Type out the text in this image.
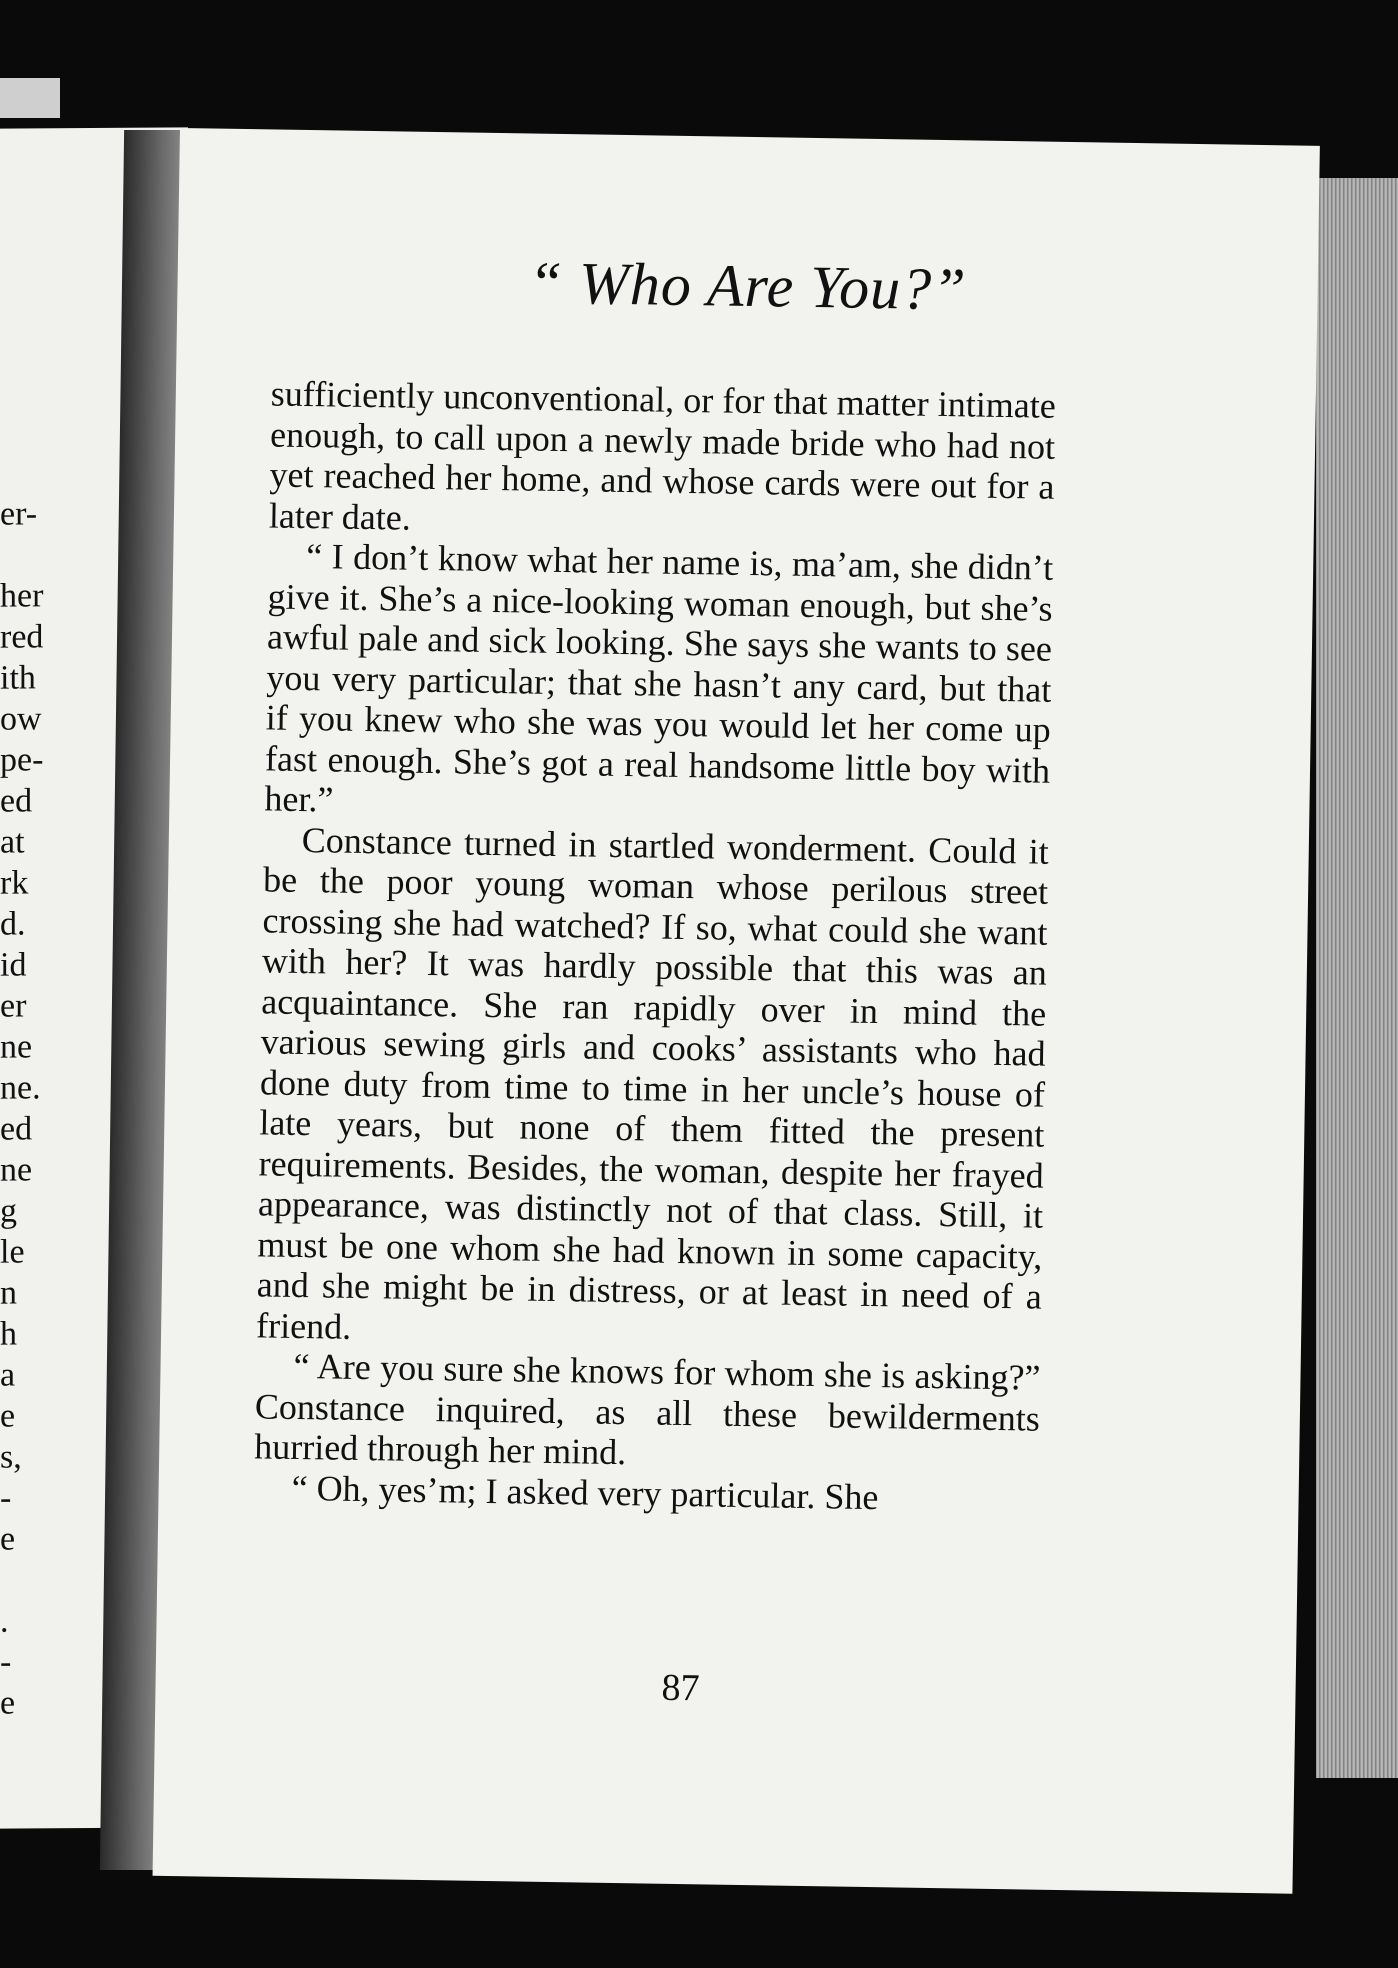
er-

her
red
ith
ow
pe-
ed
at
rk
d.
id
er
ne
ne.
ed
ne
g
le
n
h
a
e
s,
-
e

.
-
e
“ Who Are You?”

sufficiently unconventional, or for that matter intimate enough, to call upon a newly made bride who had not yet reached her home, and whose cards were out for a later date.

“ I don’t know what her name is, ma’am, she didn’t give it. She’s a nice-looking woman enough, but she’s awful pale and sick looking. She says she wants to see you very particular; that she hasn’t any card, but that if you knew who she was you would let her come up fast enough. She’s got a real handsome little boy with her.”

Constance turned in startled wonderment. Could it be the poor young woman whose perilous street crossing she had watched? If so, what could she want with her? It was hardly possible that this was an acquaintance. She ran rapidly over in mind the various sewing girls and cooks’ assistants who had done duty from time to time in her uncle’s house of late years, but none of them fitted the present requirements. Besides, the woman, despite her frayed appearance, was distinctly not of that class. Still, it must be one whom she had known in some capacity, and she might be in distress, or at least in need of a friend.

“ Are you sure she knows for whom she is asking?” Constance inquired, as all these bewilderments hurried through her mind.

“ Oh, yes’m; I asked very particular. She

87
